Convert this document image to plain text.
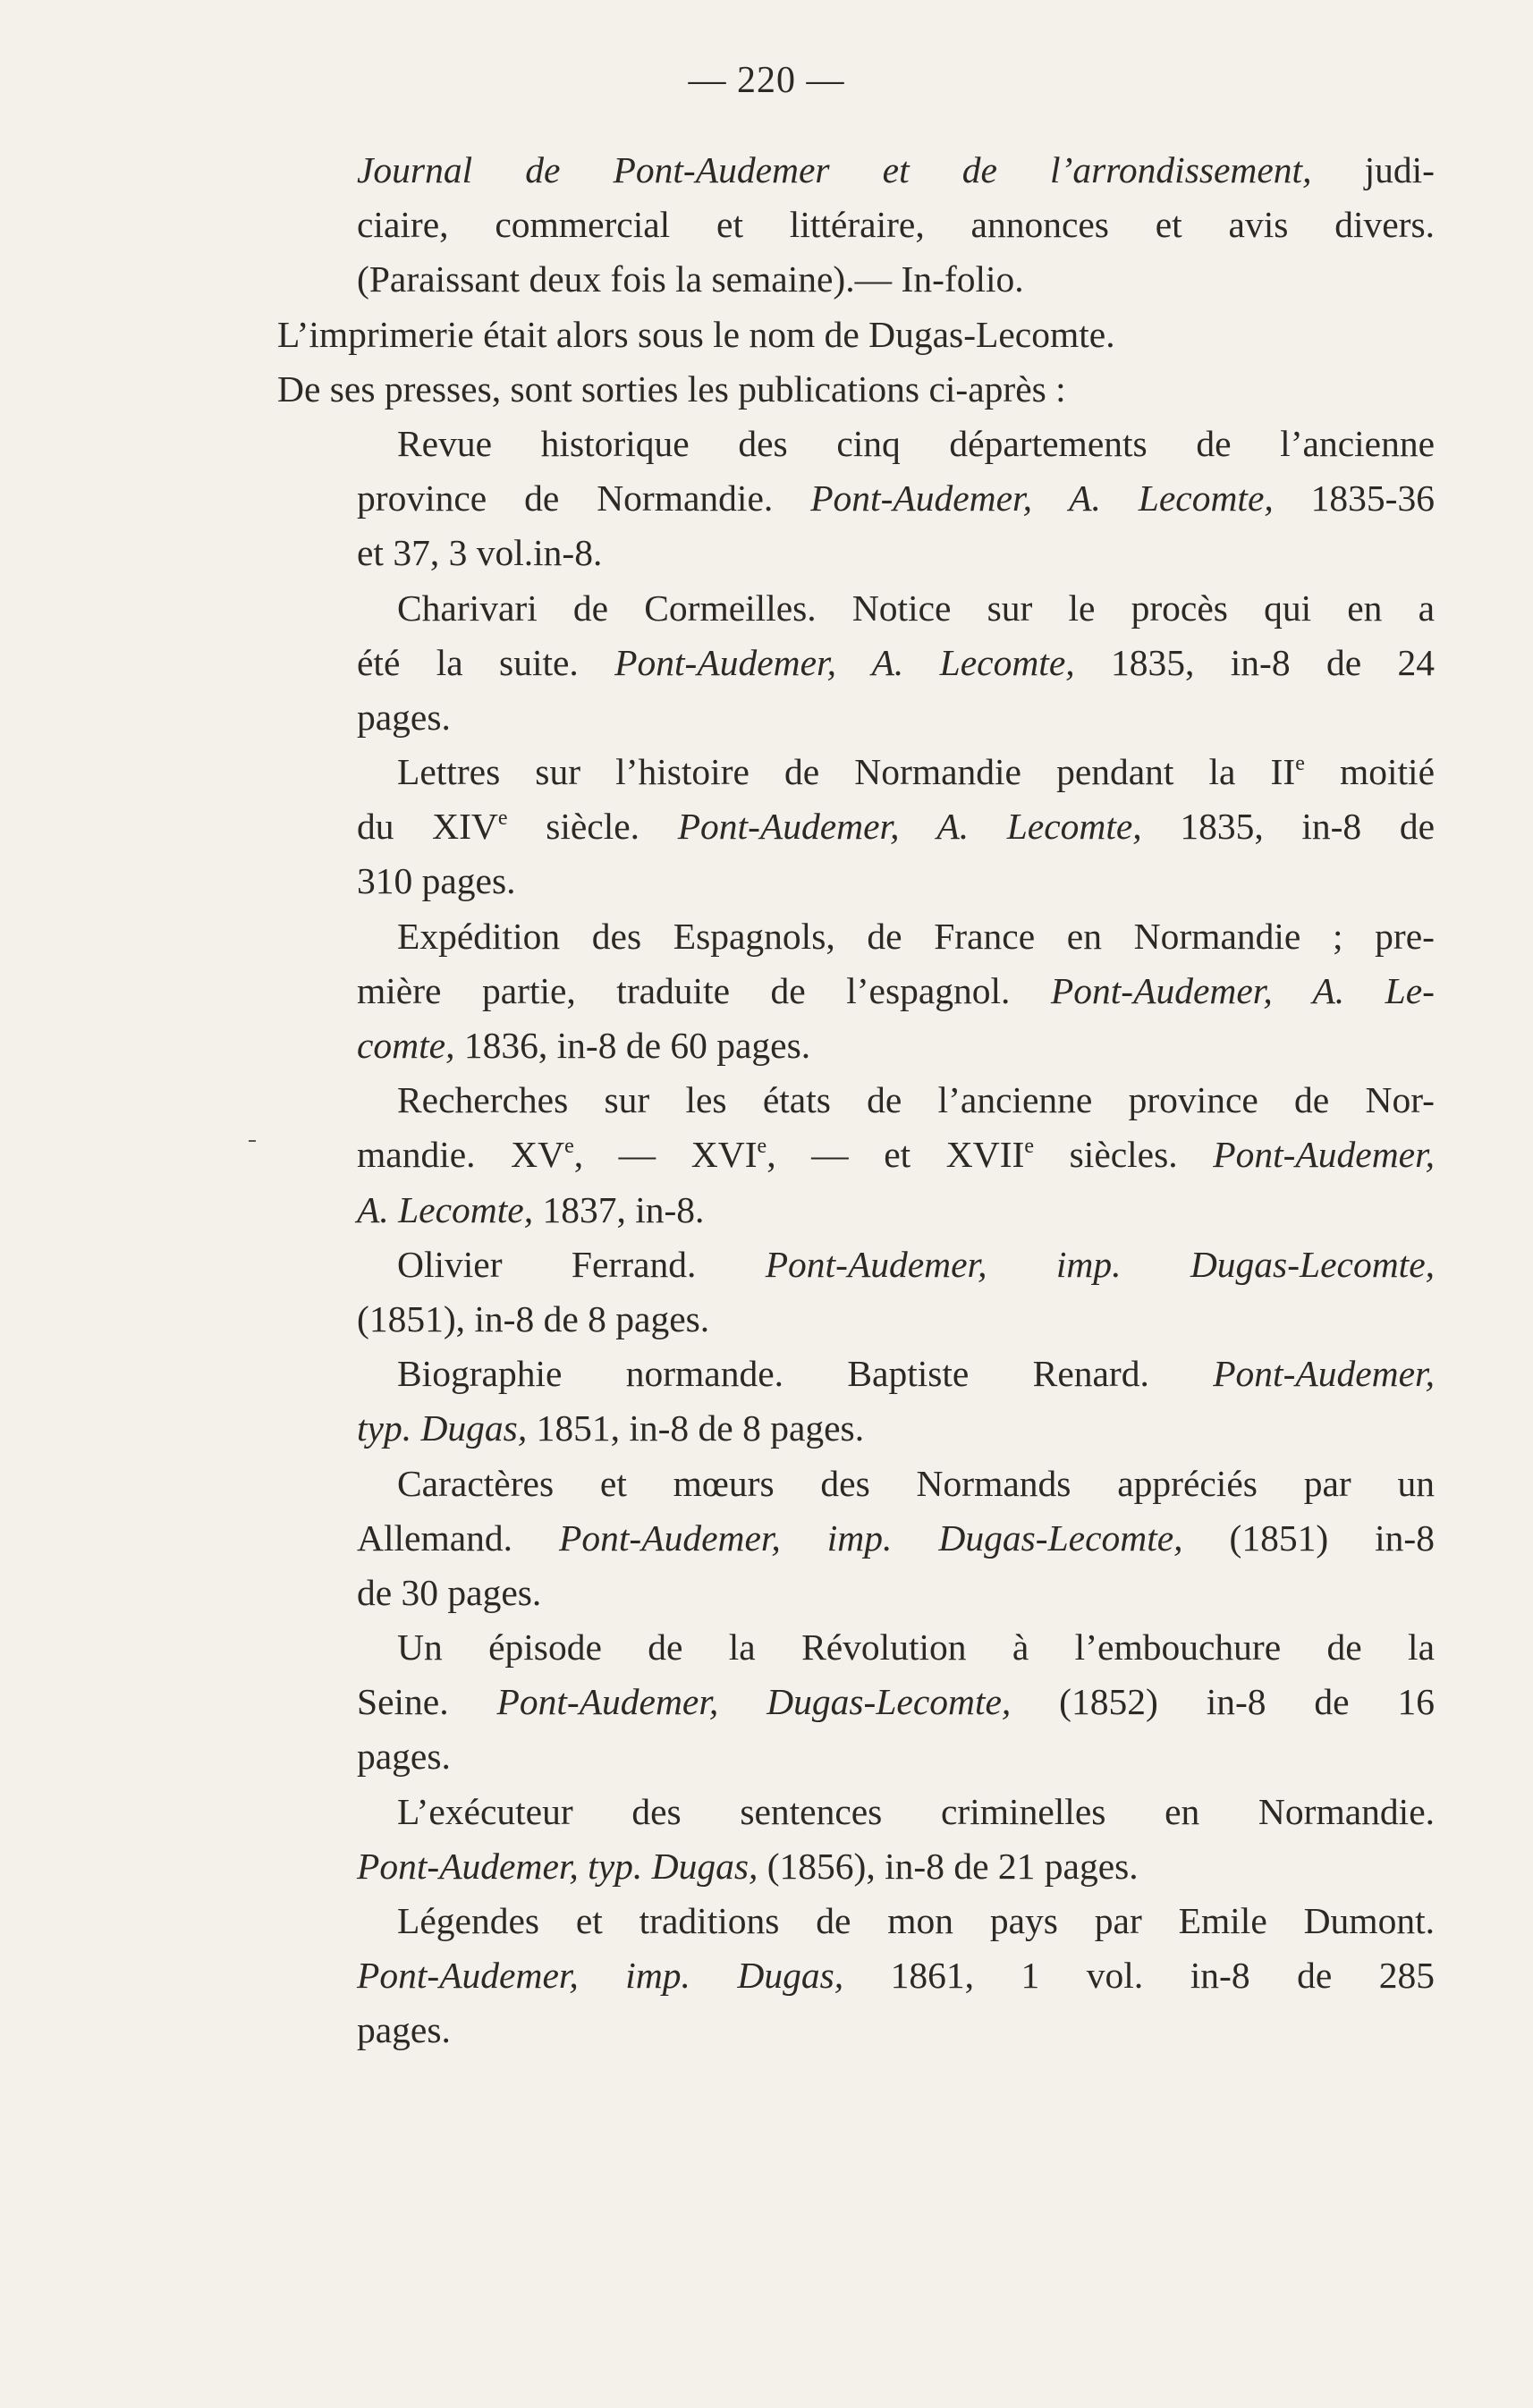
— 220 —
Journal de Pont-Audemer et de l’arrondissement, judi-
ciaire, commercial et littéraire, annonces et avis divers.
(Paraissant deux fois la semaine).— In-folio.
L’imprimerie était alors sous le nom de Dugas-Lecomte.
De ses presses, sont sorties les publications ci-après :
Revue historique des cinq départements de l’ancienne
province de Normandie. Pont-Audemer, A. Lecomte, 1835-36
et 37, 3 vol.in-8.
Charivari de Cormeilles. Notice sur le procès qui en a
été la suite. Pont-Audemer, A. Lecomte, 1835, in-8 de 24
pages.
Lettres sur l’histoire de Normandie pendant la IIe moitié
du XIVe siècle. Pont-Audemer, A. Lecomte, 1835, in-8 de
310 pages.
Expédition des Espagnols, de France en Normandie ; pre-
mière partie, traduite de l’espagnol. Pont-Audemer, A. Le-
comte, 1836, in-8 de 60 pages.
Recherches sur les états de l’ancienne province de Nor-
mandie. XVe, — XVIe, — et XVIIe siècles. Pont-Audemer,
A. Lecomte, 1837, in-8.
Olivier Ferrand. Pont-Audemer, imp. Dugas-Lecomte,
(1851), in-8 de 8 pages.
Biographie normande. Baptiste Renard. Pont-Audemer,
typ. Dugas, 1851, in-8 de 8 pages.
Caractères et mœurs des Normands appréciés par un
Allemand. Pont-Audemer, imp. Dugas-Lecomte, (1851) in-8
de 30 pages.
Un épisode de la Révolution à l’embouchure de la
Seine. Pont-Audemer, Dugas-Lecomte, (1852) in-8 de 16
pages.
L’exécuteur des sentences criminelles en Normandie.
Pont-Audemer, typ. Dugas, (1856), in-8 de 21 pages.
Légendes et traditions de mon pays par Emile Dumont.
Pont-Audemer, imp. Dugas, 1861, 1 vol. in-8 de 285
pages.
